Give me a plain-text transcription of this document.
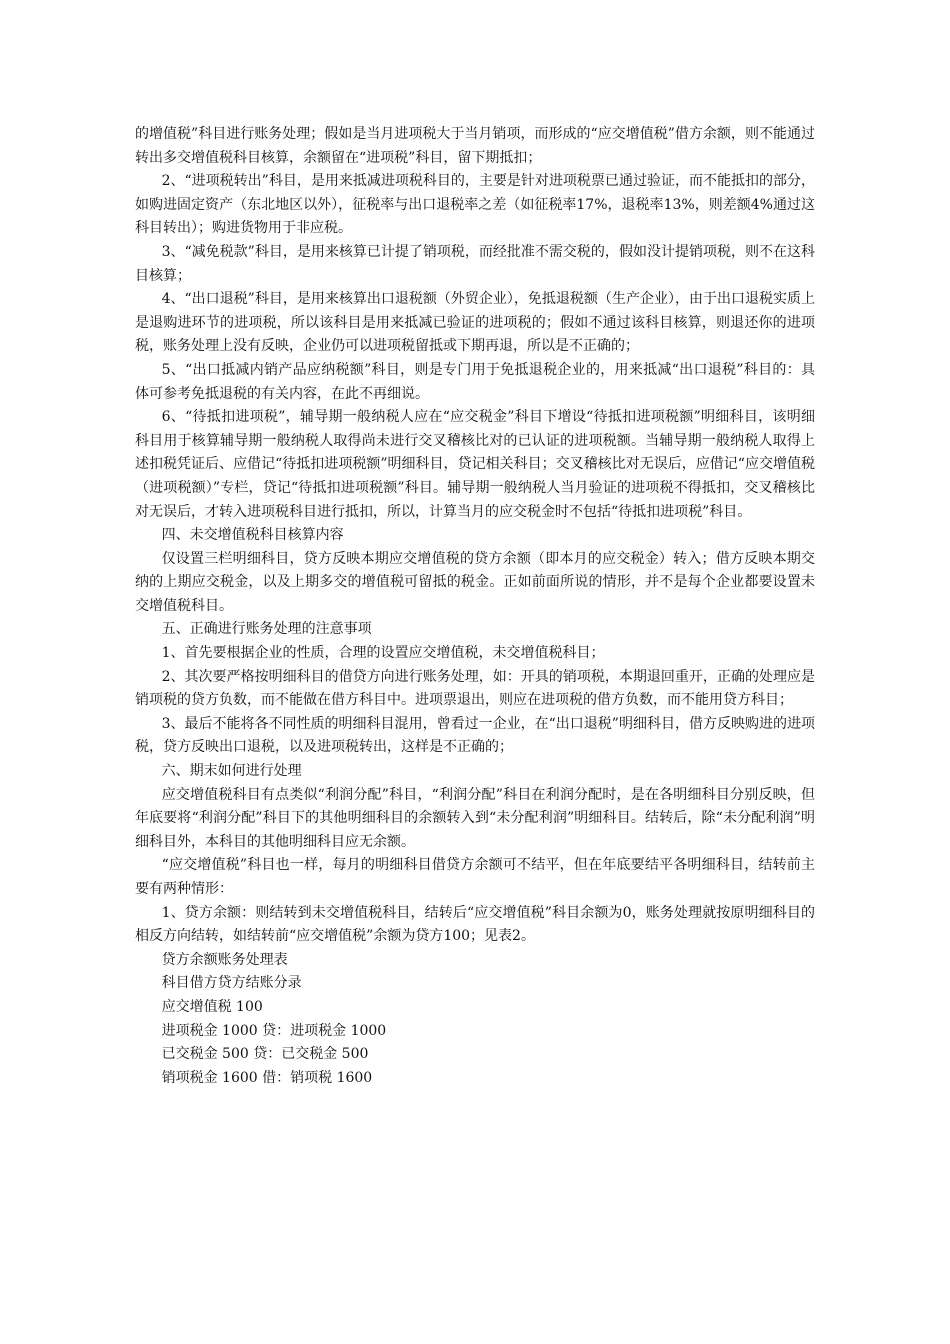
的增值税”科目进行账务处理；假如是当月进项税大于当月销项，而形成的“应交增值税”借方余额，则不能通过转出多交增值税科目核算，余额留在“进项税”科目，留下期抵扣；

2、“进项税转出”科目，是用来抵减进项税科目的，主要是针对进项税票已通过验证，而不能抵扣的部分，如购进固定资产（东北地区以外），征税率与出口退税率之差（如征税率17%，退税率13%，则差额4%通过这科目转出）；购进货物用于非应税。

3、“减免税款”科目，是用来核算已计提了销项税，而经批准不需交税的，假如没计提销项税，则不在这科目核算；

4、“出口退税”科目，是用来核算出口退税额（外贸企业），免抵退税额（生产企业），由于出口退税实质上是退购进环节的进项税，所以该科目是用来抵减已验证的进项税的；假如不通过该科目核算，则退还你的进项税，账务处理上没有反映，企业仍可以进项税留抵或下期再退，所以是不正确的；

5、“出口抵减内销产品应纳税额”科目，则是专门用于免抵退税企业的，用来抵减“出口退税”科目的：具体可参考免抵退税的有关内容，在此不再细说。

6、“待抵扣进项税”，辅导期一般纳税人应在“应交税金”科目下增设“待抵扣进项税额”明细科目，该明细科目用于核算辅导期一般纳税人取得尚未进行交叉稽核比对的已认证的进项税额。当辅导期一般纳税人取得上述扣税凭证后、应借记“待抵扣进项税额”明细科目，贷记相关科目；交叉稽核比对无误后，应借记“应交增值税（进项税额）”专栏，贷记“待抵扣进项税额”科目。辅导期一般纳税人当月验证的进项税不得抵扣，交叉稽核比对无误后，才转入进项税科目进行抵扣，所以，计算当月的应交税金时不包括“待抵扣进项税”科目。

四、未交增值税科目核算内容

仅设置三栏明细科目，贷方反映本期应交增值税的贷方余额（即本月的应交税金）转入；借方反映本期交纳的上期应交税金，以及上期多交的增值税可留抵的税金。正如前面所说的情形，并不是每个企业都要设置未交增值税科目。

五、正确进行账务处理的注意事项

1、首先要根据企业的性质，合理的设置应交增值税，未交增值税科目；

2、其次要严格按明细科目的借贷方向进行账务处理，如：开具的销项税，本期退回重开，正确的处理应是销项税的贷方负数，而不能做在借方科目中。进项票退出，则应在进项税的借方负数，而不能用贷方科目；

3、最后不能将各不同性质的明细科目混用，曾看过一企业，在“出口退税”明细科目，借方反映购进的进项税，贷方反映出口退税，以及进项税转出，这样是不正确的；

六、期末如何进行处理

应交增值税科目有点类似“利润分配”科目，“利润分配”科目在利润分配时，是在各明细科目分别反映，但年底要将“利润分配”科目下的其他明细科目的余额转入到“未分配利润”明细科目。结转后，除“未分配利润”明细科目外，本科目的其他明细科目应无余额。

“应交增值税”科目也一样，每月的明细科目借贷方余额可不结平，但在年底要结平各明细科目，结转前主要有两种情形：

1、贷方余额：则结转到未交增值税科目，结转后“应交增值税”科目余额为0，账务处理就按原明细科目的相反方向结转，如结转前“应交增值税”余额为贷方100；见表2。

贷方余额账务处理表

科目借方贷方结账分录

应交增值税 100

进项税金 1000 贷：进项税金 1000

已交税金 500 贷：已交税金 500

销项税金 1600 借：销项税 1600
